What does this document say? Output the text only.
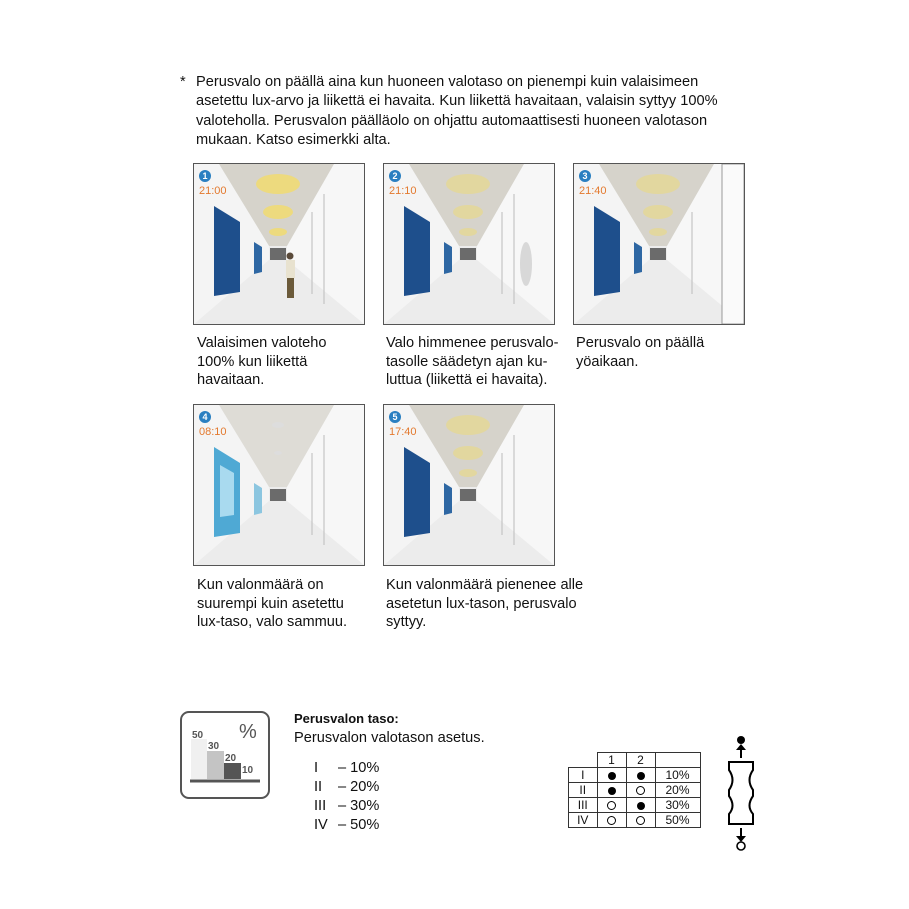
* Perusvalo on päällä aina kun huoneen valotaso on pienempi kuin valaisimeen
asetettu lux-arvo ja liikettä ei havaita. Kun liikettä havaitaan, valaisin syttyy 100%
valoteholla. Perusvalon päälläolo on ohjattu automaattisesti huoneen valotason
mukaan. Katso esimerkki alta.
1
21:00
2
21:10
3
21:40
Valaisimen valoteho
100% kun liikettä
havaitaan.
Valo himmenee perusvalo-
tasolle säädetyn ajan ku-
luttua (liikettä ei havaita).
Perusvalo on päällä
yöaikaan.
4
08:10
5
17:40
Kun valonmäärä on
suurempi kuin asetettu
lux-taso, valo sammuu.
Kun valonmäärä pienenee alle
asetetun lux-tason, perusvalo
syttyy.
50
30
20
10
%
Perusvalon taso:
Perusvalon valotason asetus.
I	– 10%
II	– 20%
III – 30%
IV – 50%
	1	2	
I			10%
II			20%
III			30%
IV			50%
